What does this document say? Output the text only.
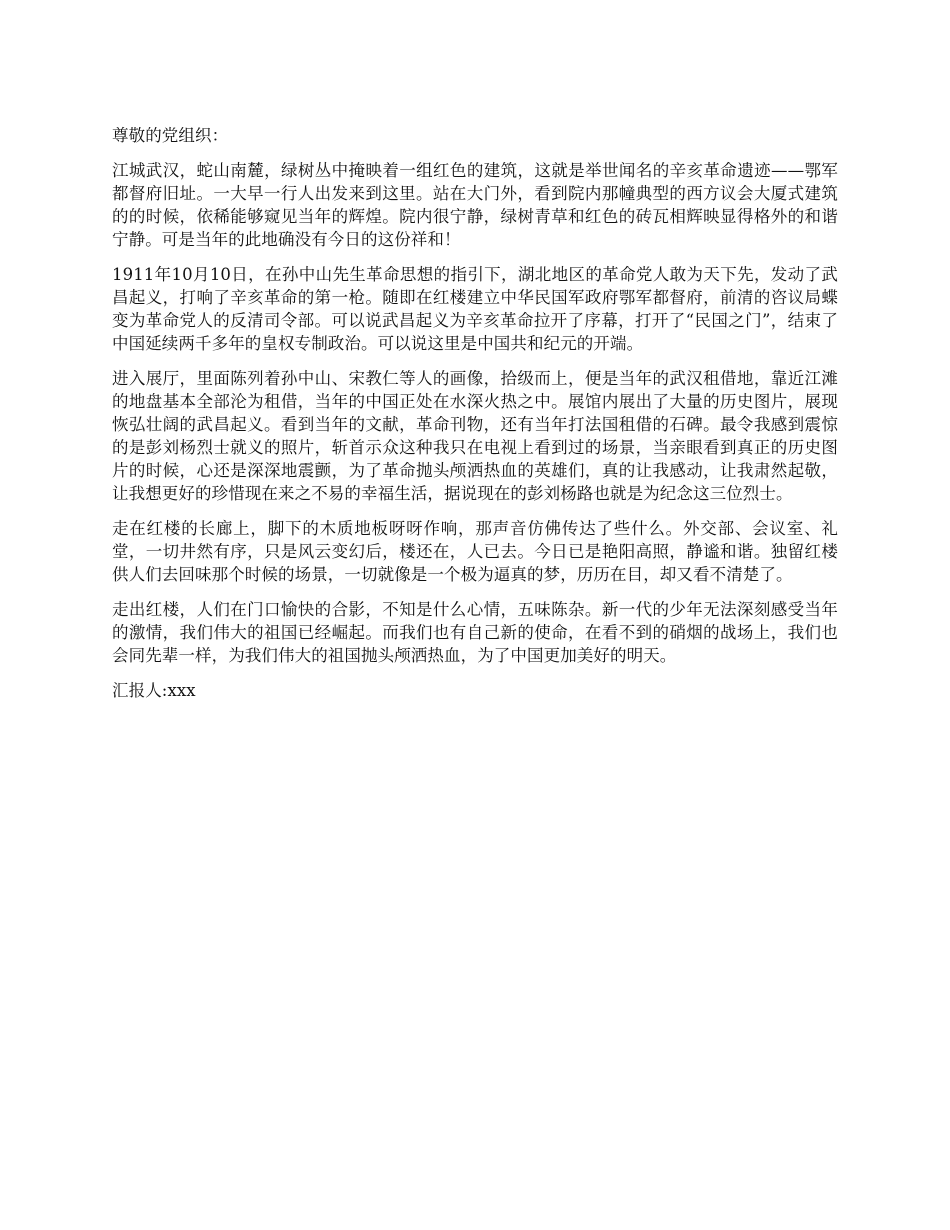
尊敬的党组织：

江城武汉，蛇山南麓，绿树丛中掩映着一组红色的建筑，这就是举世闻名的辛亥革命遗迹——鄂军都督府旧址。一大早一行人出发来到这里。站在大门外，看到院内那幢典型的西方议会大厦式建筑的的时候，依稀能够窥见当年的辉煌。院内很宁静，绿树青草和红色的砖瓦相辉映显得格外的和谐宁静。可是当年的此地确没有今日的这份祥和！

1911年10月10日，在孙中山先生革命思想的指引下，湖北地区的革命党人敢为天下先，发动了武昌起义，打响了辛亥革命的第一枪。随即在红楼建立中华民国军政府鄂军都督府，前清的咨议局蝶变为革命党人的反清司令部。可以说武昌起义为辛亥革命拉开了序幕，打开了“民国之门”，结束了中国延续两千多年的皇权专制政治。可以说这里是中国共和纪元的开端。

进入展厅，里面陈列着孙中山、宋教仁等人的画像，拾级而上，便是当年的武汉租借地，靠近江滩的地盘基本全部沦为租借，当年的中国正处在水深火热之中。展馆内展出了大量的历史图片，展现恢弘壮阔的武昌起义。看到当年的文献，革命刊物，还有当年打法国租借的石碑。最令我感到震惊的是彭刘杨烈士就义的照片，斩首示众这种我只在电视上看到过的场景，当亲眼看到真正的历史图片的时候，心还是深深地震颤，为了革命抛头颅洒热血的英雄们，真的让我感动，让我肃然起敬，让我想更好的珍惜现在来之不易的幸福生活，据说现在的彭刘杨路也就是为纪念这三位烈士。

走在红楼的长廊上，脚下的木质地板呀呀作响，那声音仿佛传达了些什么。外交部、会议室、礼堂，一切井然有序，只是风云变幻后，楼还在，人已去。今日已是艳阳高照，静谧和谐。独留红楼供人们去回味那个时候的场景，一切就像是一个极为逼真的梦，历历在目，却又看不清楚了。

走出红楼，人们在门口愉快的合影，不知是什么心情，五味陈杂。新一代的少年无法深刻感受当年的激情，我们伟大的祖国已经崛起。而我们也有自己新的使命，在看不到的硝烟的战场上，我们也会同先辈一样，为我们伟大的祖国抛头颅洒热血，为了中国更加美好的明天。

汇报人:xxx
